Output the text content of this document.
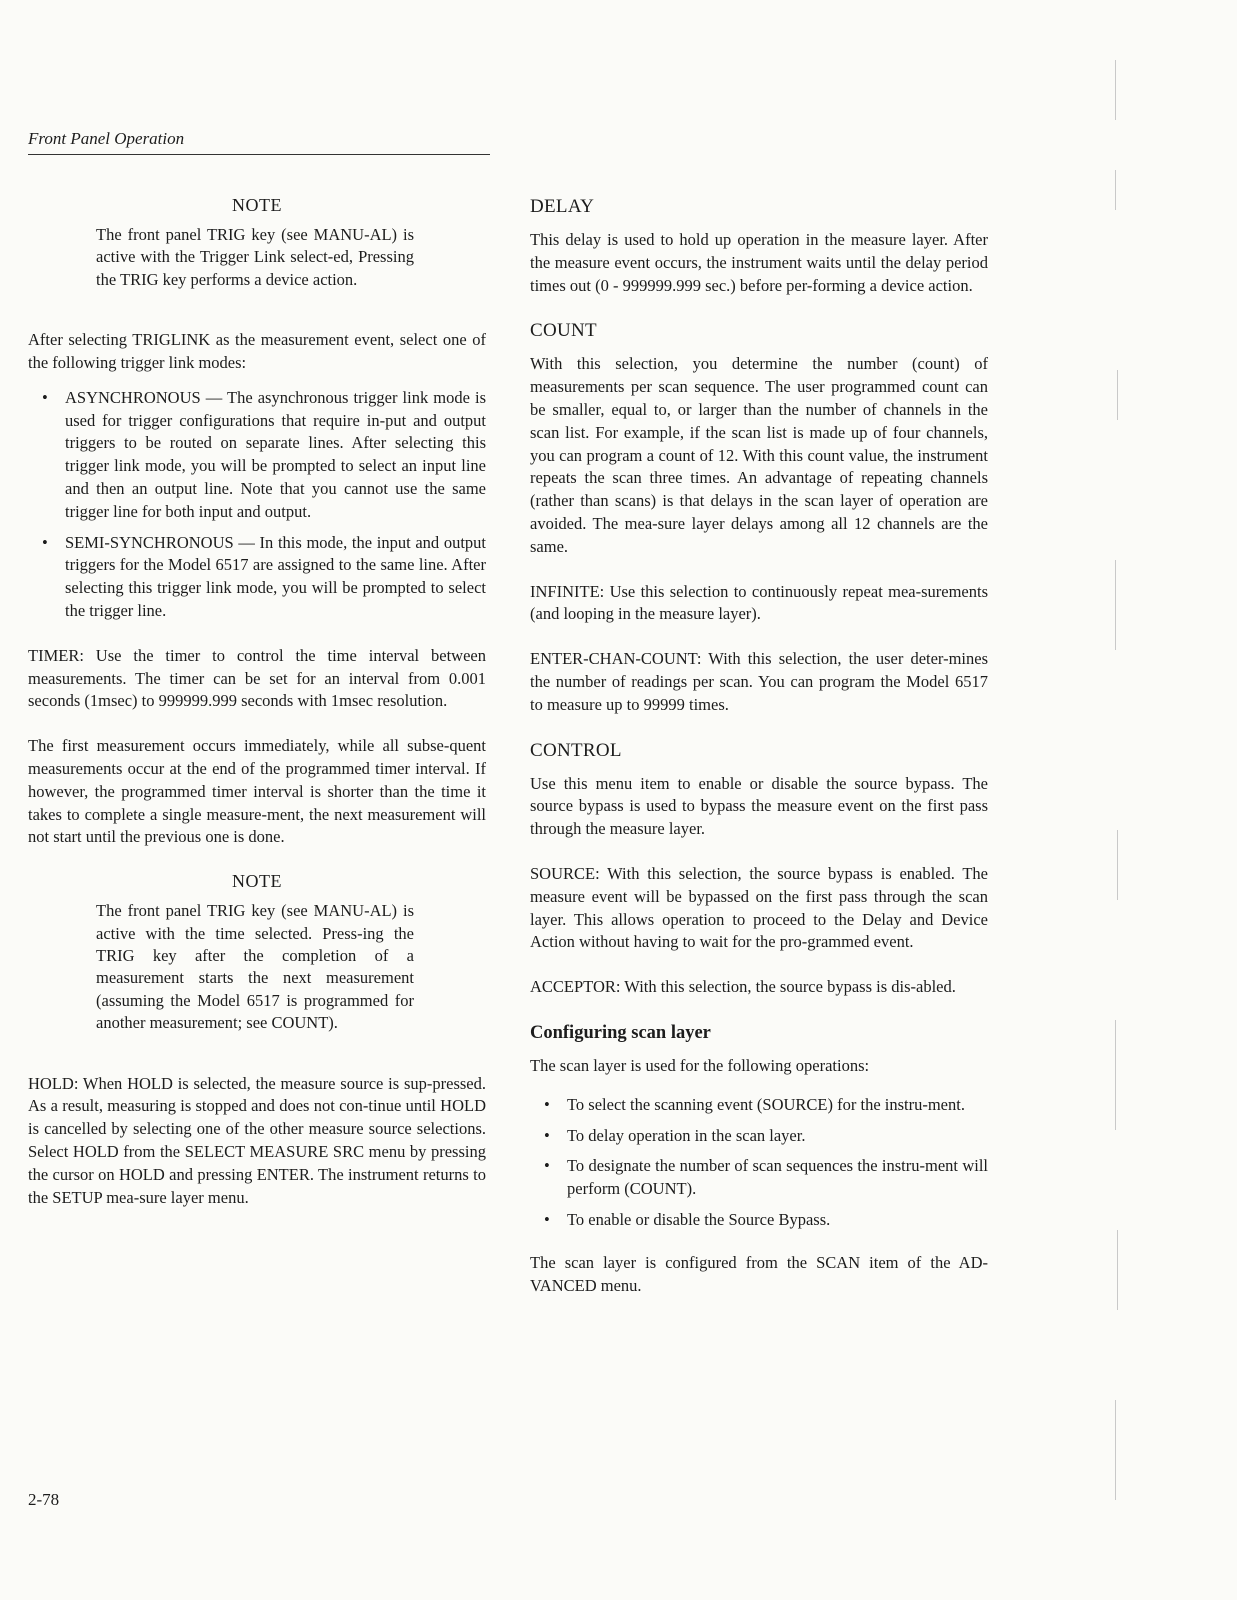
Front Panel Operation
NOTE
The front panel TRIG key (see MANU-AL) is active with the Trigger Link select-ed, Pressing the TRIG key performs a device action.

After selecting TRIGLINK as the measurement event, select one of the following trigger link modes:

• ASYNCHRONOUS — The asynchronous trigger link mode is used for trigger configurations that require in-put and output triggers to be routed on separate lines. After selecting this trigger link mode, you will be prompted to select an input line and then an output line. Note that you cannot use the same trigger line for both input and output.
• SEMI-SYNCHRONOUS — In this mode, the input and output triggers for the Model 6517 are assigned to the same line. After selecting this trigger link mode, you will be prompted to select the trigger line.

TIMER: Use the timer to control the time interval between measurements. The timer can be set for an interval from 0.001 seconds (1msec) to 999999.999 seconds with 1msec resolution.

The first measurement occurs immediately, while all subse-quent measurements occur at the end of the programmed timer interval. If however, the programmed timer interval is shorter than the time it takes to complete a single measure-ment, the next measurement will not start until the previous one is done.

NOTE
The front panel TRIG key (see MANU-AL) is active with the time selected. Press-ing the TRIG key after the completion of a measurement starts the next measurement (assuming the Model 6517 is programmed for another measurement; see COUNT).

HOLD: When HOLD is selected, the measure source is sup-pressed. As a result, measuring is stopped and does not con-tinue until HOLD is cancelled by selecting one of the other measure source selections. Select HOLD from the SELECT MEASURE SRC menu by pressing the cursor on HOLD and pressing ENTER. The instrument returns to the SETUP mea-sure layer menu.

DELAY

This delay is used to hold up operation in the measure layer. After the measure event occurs, the instrument waits until the delay period times out (0 - 999999.999 sec.) before per-forming a device action.

COUNT

With this selection, you determine the number (count) of measurements per scan sequence. The user programmed count can be smaller, equal to, or larger than the number of channels in the scan list. For example, if the scan list is made up of four channels, you can program a count of 12. With this count value, the instrument repeats the scan three times. An advantage of repeating channels (rather than scans) is that delays in the scan layer of operation are avoided. The mea-sure layer delays among all 12 channels are the same.

INFINITE: Use this selection to continuously repeat mea-surements (and looping in the measure layer).

ENTER-CHAN-COUNT: With this selection, the user deter-mines the number of readings per scan. You can program the Model 6517 to measure up to 99999 times.

CONTROL

Use this menu item to enable or disable the source bypass. The source bypass is used to bypass the measure event on the first pass through the measure layer.

SOURCE: With this selection, the source bypass is enabled. The measure event will be bypassed on the first pass through the scan layer. This allows operation to proceed to the Delay and Device Action without having to wait for the pro-grammed event.

ACCEPTOR: With this selection, the source bypass is dis-abled.

Configuring scan layer

The scan layer is used for the following operations:

• To select the scanning event (SOURCE) for the instru-ment.
• To delay operation in the scan layer.
• To designate the number of scan sequences the instru-ment will perform (COUNT).
• To enable or disable the Source Bypass.

The scan layer is configured from the SCAN item of the AD-VANCED menu.

2-78
